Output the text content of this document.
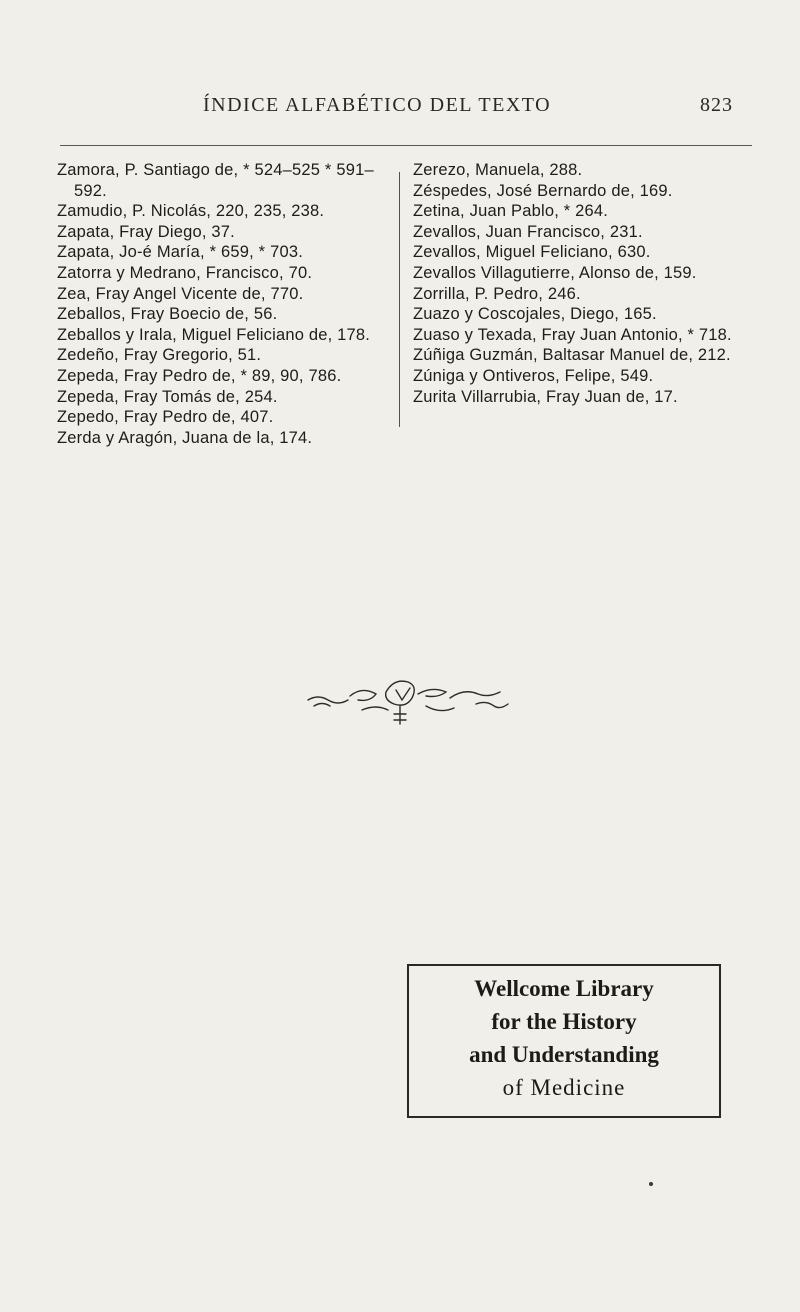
ÍNDICE ALFABÉTICO DEL TEXTO	823

Zamora, P. Santiago de, * 524–525 * 591–592.

Zamudio, P. Nicolás, 220, 235, 238.

Zapata, Fray Diego, 37.

Zapata, Jo-é María, * 659, * 703.

Zatorra y Medrano, Francisco, 70.

Zea, Fray Angel Vicente de, 770.

Zeballos, Fray Boecio de, 56.

Zeballos y Irala, Miguel Feliciano de, 178.

Zedeño, Fray Gregorio, 51.

Zepeda, Fray Pedro de, * 89, 90, 786.

Zepeda, Fray Tomás de, 254.

Zepedo, Fray Pedro de, 407.

Zerda y Aragón, Juana de la, 174.

Zerezo, Manuela, 288.

Zéspedes, José Bernardo de, 169.

Zetina, Juan Pablo, * 264.

Zevallos, Juan Francisco, 231.

Zevallos, Miguel Feliciano, 630.

Zevallos Villagutierre, Alonso de, 159.

Zorrilla, P. Pedro, 246.

Zuazo y Coscojales, Diego, 165.

Zuaso y Texada, Fray Juan Antonio, * 718.

Zúñiga Guzmán, Baltasar Manuel de, 212.

Zúniga y Ontiveros, Felipe, 549.

Zurita Villarrubia, Fray Juan de, 17.

Wellcome Library
for the History
and Understanding
of Medicine
